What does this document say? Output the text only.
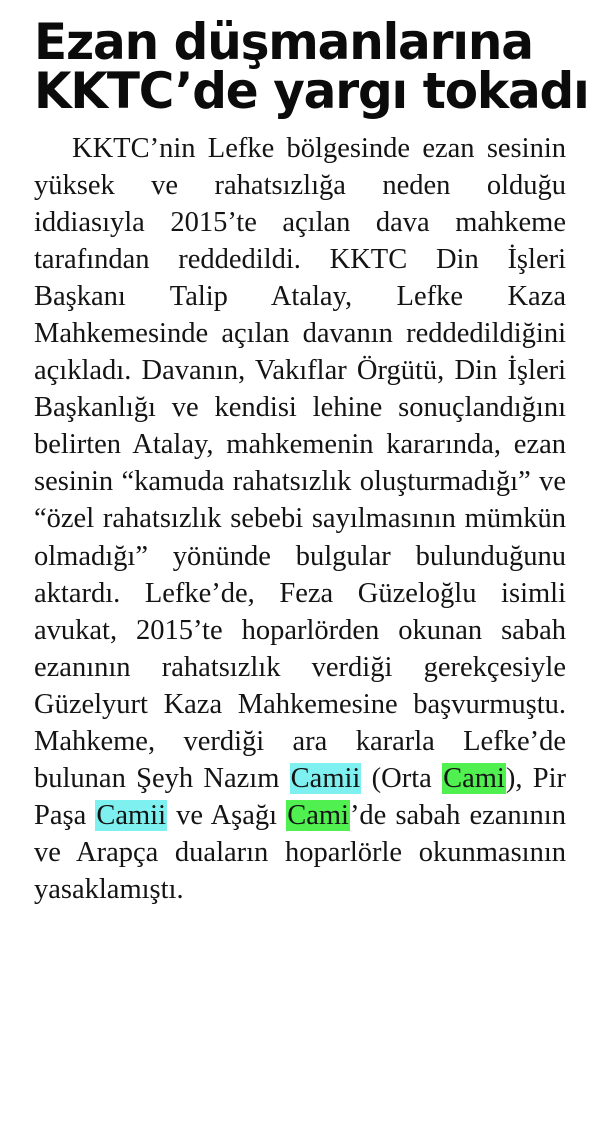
Ezan düşmanlarına
KKTC’de yargı tokadı

KKTC’nin Lefke bölgesinde ezan sesinin yüksek ve rahatsızlığa neden olduğu iddiasıyla 2015’te açılan dava mahkeme tarafından reddedildi. KKTC Din İşleri Başkanı Talip Atalay, Lefke Kaza Mahkemesinde açılan davanın reddedildiğini açıkladı. Davanın, Vakıflar Örgütü, Din İşleri Başkanlığı ve kendisi lehine sonuçlandığını belirten Atalay, mahkemenin kararında, ezan sesinin “kamuda rahatsızlık oluşturmadığı” ve “özel rahatsızlık sebebi sayılmasının mümkün olmadığı” yönünde bulgular bulunduğunu aktardı. Lefke’de, Feza Güzeloğlu isimli avukat, 2015’te hoparlörden okunan sabah ezanının rahatsızlık verdiği gerekçesiyle Güzelyurt Kaza Mahkemesine başvurmuştu. Mahkeme, verdiği ara kararla Lefke’de bulunan Şeyh Nazım Camii (Orta Cami), Pir Paşa Camii ve Aşağı Cami’de sabah ezanının ve Arapça duaların hoparlörle okunmasının yasaklamıştı.
